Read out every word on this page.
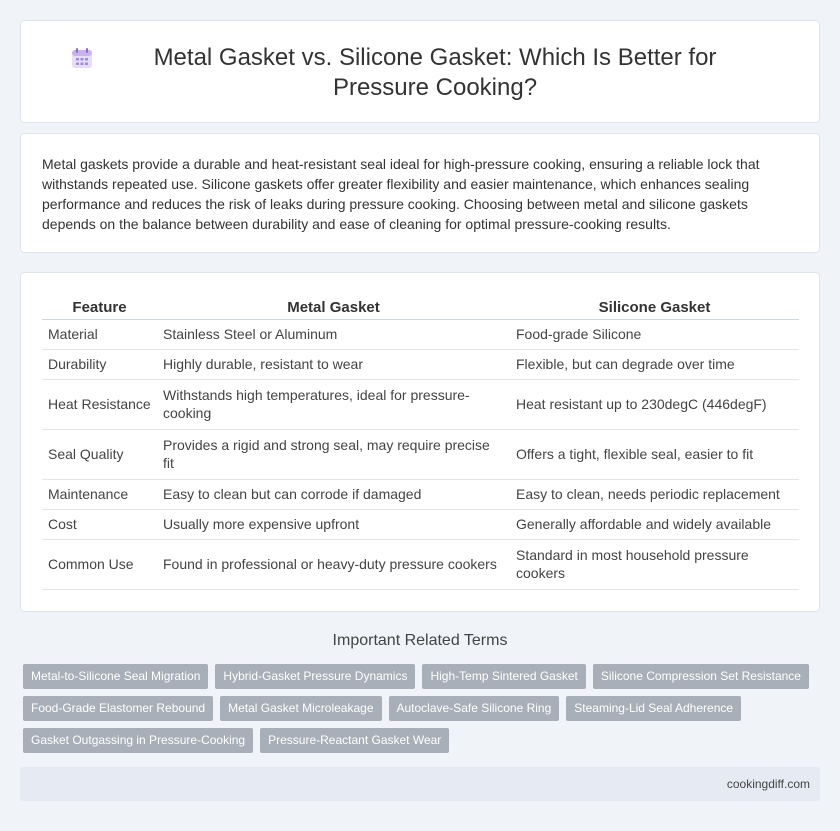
Metal Gasket vs. Silicone Gasket: Which Is Better for Pressure Cooking?

Metal gaskets provide a durable and heat-resistant seal ideal for high-pressure cooking, ensuring a reliable lock that withstands repeated use. Silicone gaskets offer greater flexibility and easier maintenance, which enhances sealing performance and reduces the risk of leaks during pressure cooking. Choosing between metal and silicone gaskets depends on the balance between durability and ease of cleaning for optimal pressure-cooking results.

Feature	Metal Gasket	Silicone Gasket
Material	Stainless Steel or Aluminum	Food-grade Silicone
Durability	Highly durable, resistant to wear	Flexible, but can degrade over time
Heat Resistance	Withstands high temperatures, ideal for pressure-cooking	Heat resistant up to 230degC (446degF)
Seal Quality	Provides a rigid and strong seal, may require precise fit	Offers a tight, flexible seal, easier to fit
Maintenance	Easy to clean but can corrode if damaged	Easy to clean, needs periodic replacement
Cost	Usually more expensive upfront	Generally affordable and widely available
Common Use	Found in professional or heavy-duty pressure cookers	Standard in most household pressure cookers
Important Related Terms
Metal-to-Silicone Seal Migration	Hybrid-Gasket Pressure Dynamics	High-Temp Sintered Gasket	Silicone Compression Set Resistance
Food-Grade Elastomer Rebound	Metal Gasket Microleakage	Autoclave-Safe Silicone Ring	Steaming-Lid Seal Adherence
Gasket Outgassing in Pressure-Cooking	Pressure-Reactant Gasket Wear
cookingdiff.com
